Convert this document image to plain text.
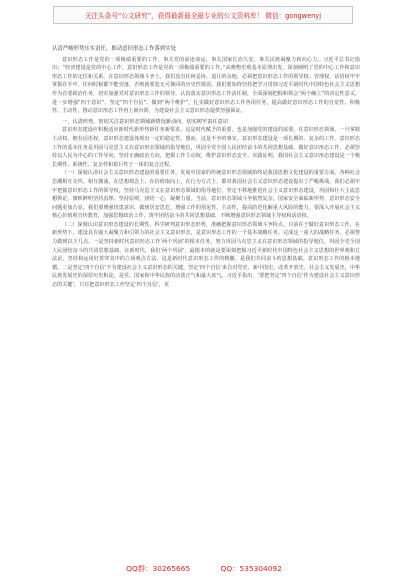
关注头条号“公文研究”，获得最新最全最专业的公文资料库！ 微信：gongwenyj

认清严峻形势压实责任，推动意识形态工作落到实处

意识形态工作是党的一项极端重要的工作，事关党的前途命运，事关国家长治久安，事关民族凝聚力和向心力。习近平总书记指出：“经济建设是党的中心工作，意识形态工作是党的一项极端重要的工作。”从唯物史观基本原理出发，深刻阐明了党的中心工作和意识形态工作的定位和关系。在意识形态领域斗争上，我们没有任何妥协、退让的余地，必须把意识形态工作的领导权、管理权、话语权牢牢掌握在手中，任何时候都不能旁落，否则就要犯无可挽回的历史性错误。我们要始终坚持把学习贯彻习近平新时代中国特色社会主义思想作为首要政治任务，切实加强党对意识形态工作的领导，认真落实意识形态工作责任制，全面深刻把握和领会“两个确立”的决定性意义，进一步增强“四个意识”、坚定“四个自信”、做到“两个维护”，扎实做好意识形态工作各项任务，提高做好意识形态工作的自觉性、积极性、主动性，推动意识形态工作再上新台阶，为建设社会主义意识形态提供坚强保证。

一、认清形势，密切关注意识形态领域新情况新动向，切实树牢责任意识

意识形态建设应积极适应新时代新形势新任务新要求，这是时代赋予的重要，也是加强党的建设的需要。在意识形态领域，一旦掌握主动权，拥有话语权，意识形态建设体现出一定的稳定性、想而，这是不争的事实。意识形态建设是一项长期的、复杂的工作，意识形态工作的基本任务是巩固马克思主义在意识形态领域的指导地位，巩固全党全国人民团结奋斗的共同思想基础。做好意识形态工作，必须坚持以人民为中心的工作导向，坚持正确政治方向，把握工作主动权，维护意识形态安全。实践证明，我国社会主义意识形态建设是一个极长期性、系统性、复杂性和艰巨性于一体的复合过程。

（一）深刻认清社会主义意识形态建设的重要任务。发展中国家的传统意识形态领域始终是我国思想文化建设的重要方面。各种社会思潮相互交织、相互激荡，在思想观念上，在价值取向上，在行为方式上，都对我国社会主义意识形态建设提出了严峻挑战。我们必须牢牢把握意识形态工作的领导权，坚持马克思主义在意识形态领域的指导地位，坚定不移地推进社会主义意识形态建设，巩固和壮大主流思想舆论，旗帜鲜明坚持真理、坚持原则，团结一心，凝聚力量。当前，意识形态领域斗争依然复杂，国家安全面临新形势，意识形态安全问题更加凸显。我们要增强忧患意识，做到居安思危，增强工作的预见性、主动性，提高防范化解重大风险的能力。要深入开展社会主义核心价值观宣传教育，加强思想政治工作，筑牢团结奋斗的共同思想基础，不断增强意识形态领域主导权和话语权。

（二）深刻认识意识形态建设的长期性。科学研判意识形态形势，准确把握意识形态领域斗争特点。目前在于做好意识形态工作，在新形势下，建设具有强大凝聚力和引领力的社会主义意识形态，是意识形态工作的一个基本战略任务。完成这一重大的战略任务，必须努力做到以下几点。一是坚持新时代意识形态工作‘两个巩固’的根本任务，努力巩固马克思主义在意识形态领域的指导地位，巩固全党全国人民团结奋斗的共同思想基础。在新时代，我们‘两个巩固’，最根本的就是要深刻把握习近平新时代中国特色社会主义思想的世界观和方法论，坚持和运用好贯穿其中的立场观点方法，这是新时代意识形态工作的精髓，是我们共同奋斗的思想基础。意识形态工作的根本遵循。二是坚定‘四个自信’不为建设社会主义意识形态的关键。坚定‘四个自信’来自对党史、新中国史、改革开放史、社会主义发展史、中华民族发展史的深厚历史积淀，是党、国家和中华民族的活泼正气和最大底气。习近平指出，‘要把坚定’四个自信‘作为建设社会主义意识形态的关键’，只有把意识形态工作坚定‘四个自信’，更

QQ群：30265665	QQ：535304092
